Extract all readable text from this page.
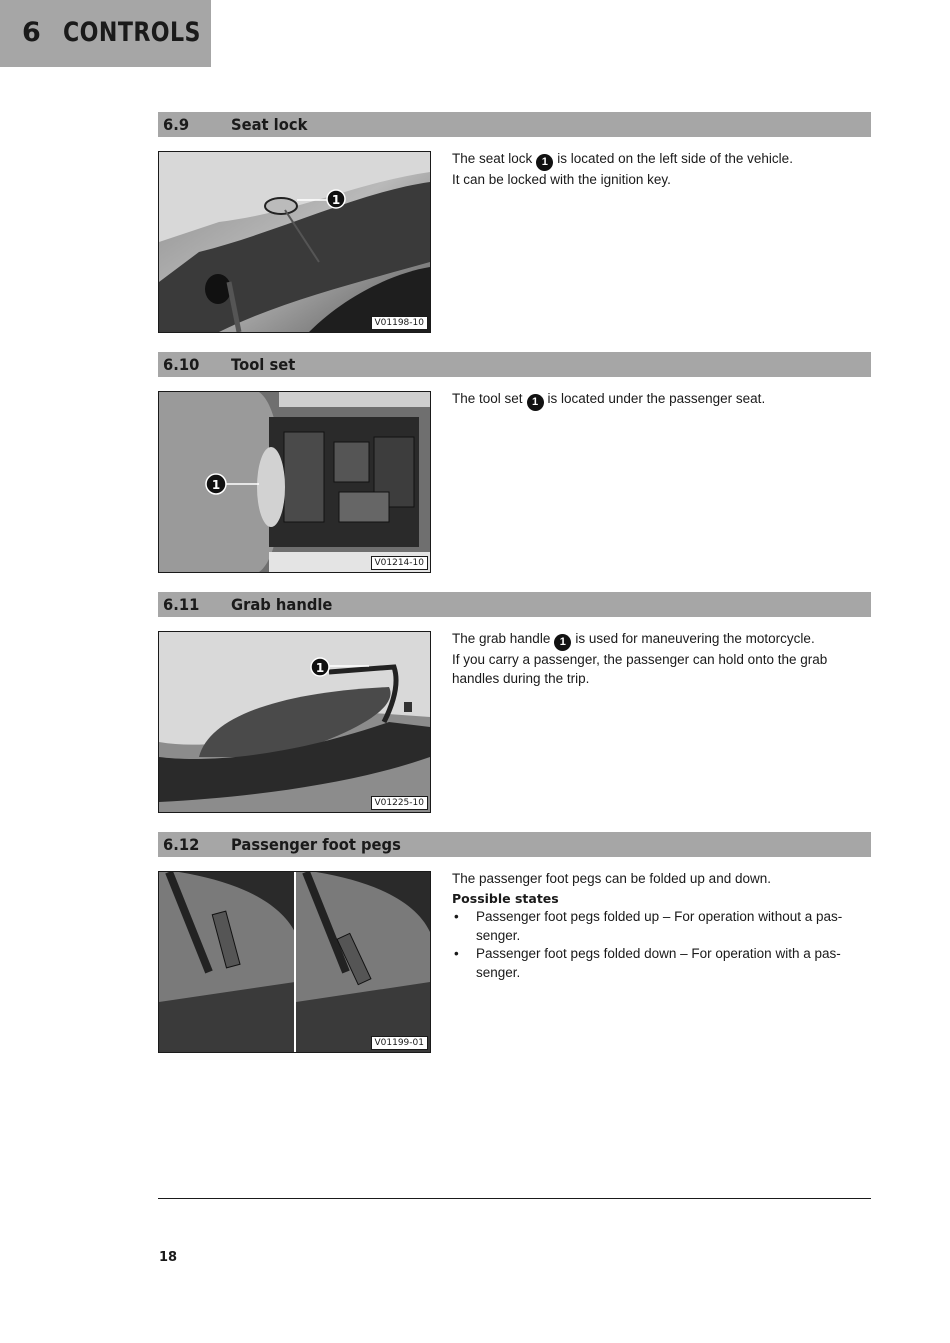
6 CONTROLS
6.9	Seat lock
1
V01198-10

The seat lock 1 is located on the left side of the vehicle.

It can be locked with the ignition key.

6.10 Tool set
1
V01214-10

The tool set 1 is located under the passenger seat.

6.11 Grab handle
1
V01225-10

The grab handle 1 is used for maneuvering the motorcycle.

If you carry a passenger, the passenger can hold onto the grab handles during the trip.

6.12 Passenger foot pegs
V01199-01

The passenger foot pegs can be folded up and down.

Possible states

• Passenger foot pegs folded up – For operation without a pas-senger.
• Passenger foot pegs folded down – For operation with a pas-senger.
18
